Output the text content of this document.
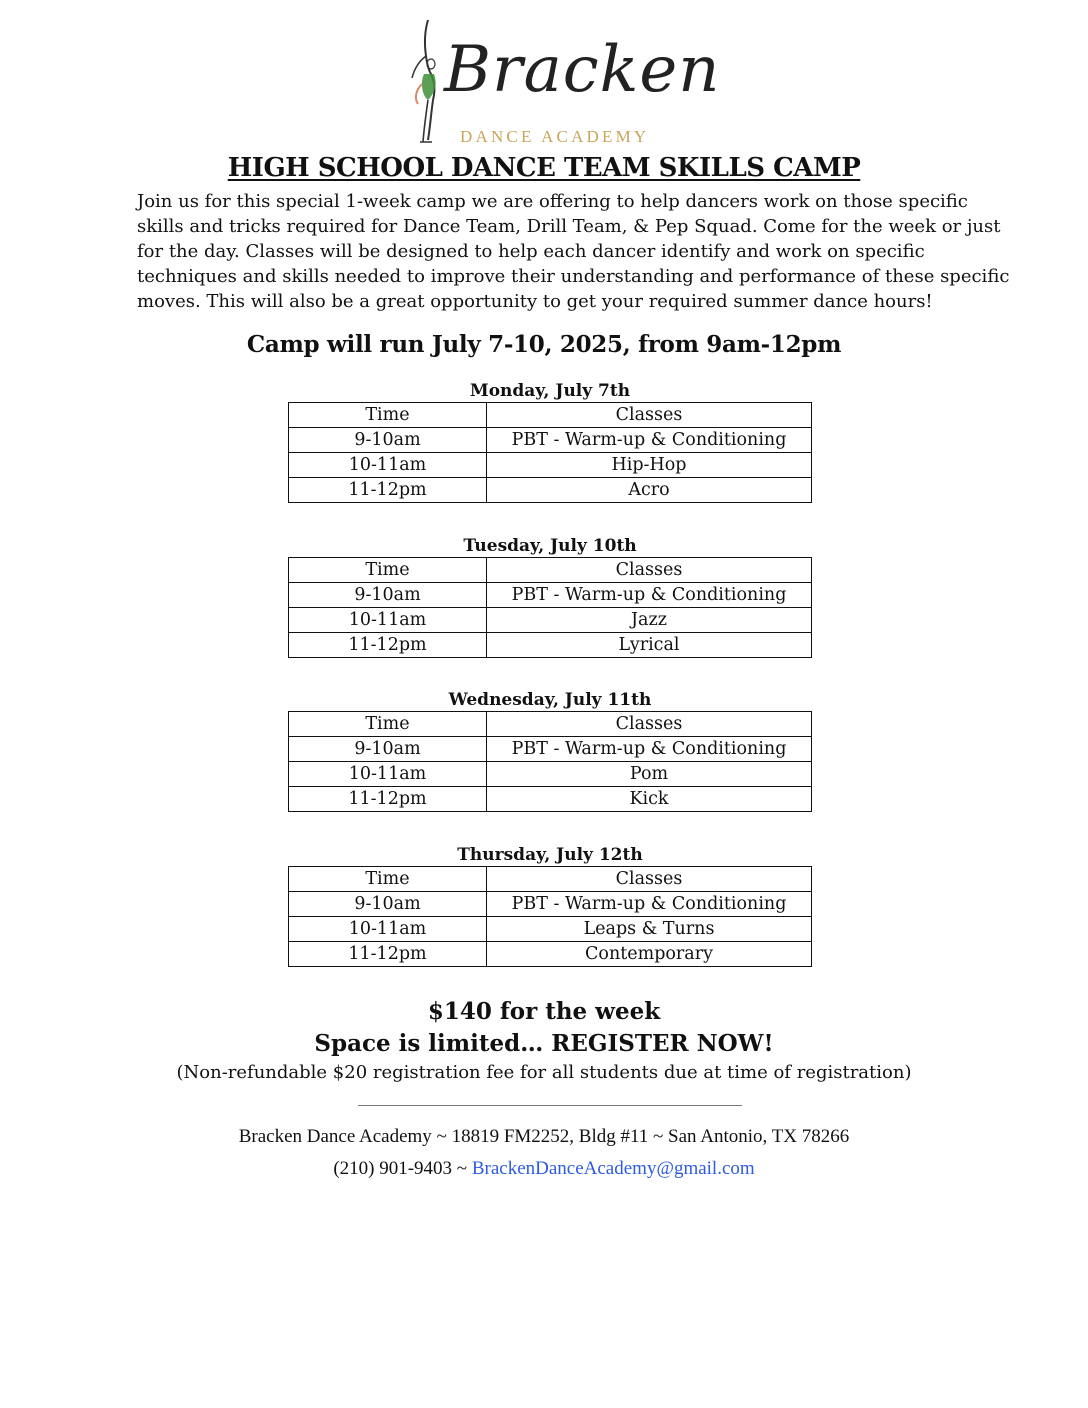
Bracken
DANCE ACADEMY
HIGH SCHOOL DANCE TEAM SKILLS CAMP

Join us for this special 1-week camp we are offering to help dancers work on those specific skills and tricks required for Dance Team, Drill Team, & Pep Squad. Come for the week or just for the day. Classes will be designed to help each dancer identify and work on specific techniques and skills needed to improve their understanding and performance of these specific moves. This will also be a great opportunity to get your required summer dance hours!

Camp will run July 7-10, 2025, from 9am-12pm
Monday, July 7th
Time	Classes
9-10am	PBT - Warm-up & Conditioning
10-11am	Hip-Hop
11-12pm	Acro
Tuesday, July 10th
Time	Classes
9-10am	PBT - Warm-up & Conditioning
10-11am	Jazz
11-12pm	Lyrical
Wednesday, July 11th
Time	Classes
9-10am	PBT - Warm-up & Conditioning
10-11am	Pom
11-12pm	Kick
Thursday, July 12th
Time	Classes
9-10am	PBT - Warm-up & Conditioning
10-11am	Leaps & Turns
11-12pm	Contemporary
$140 for the week
Space is limited… REGISTER NOW!
(Non-refundable $20 registration fee for all students due at time of registration)
Bracken Dance Academy ~ 18819 FM2252, Bldg #11 ~ San Antonio, TX 78266
(210) 901-9403 ~ BrackenDanceAcademy@gmail.com
